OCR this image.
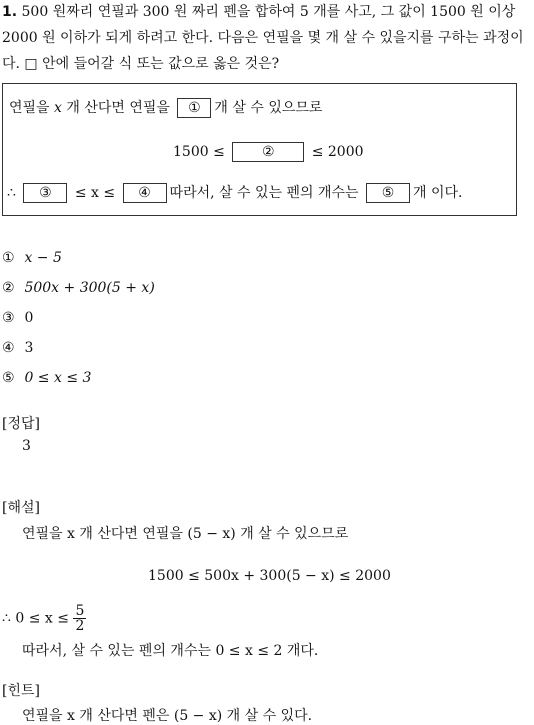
1. 500 원짜리 연필과 300 원 짜리 펜을 합하여 5 개를 사고, 그 값이 1500 원 이상 2000 원 이하가 되게 하려고 한다. 다음은 연필을 몇 개 살 수 있을지를 구하는 과정이다. □ 안에 들어갈 식 또는 값으로 옳은 것은?
연필을 x 개 산다면 연필을 ① 개 살 수 있으므로
1500 ≤	②	≤ 2000
∴ ③ ≤ x ≤ ④ 따라서, 살 수 있는 펜의 개수는 ⑤ 개 이다.
① x − 5
② 500x + 300(5 + x)
③ 0
④ 3
⑤ 0 ≤ x ≤ 3
[정답]
3
[해설]
연필을 x 개 산다면 연필을 (5 − x) 개 살 수 있으므로
1500 ≤ 500x + 300(5 − x) ≤ 2000
∴ $0 \le x \le \frac{5}{2}$
따라서, 살 수 있는 펜의 개수는 0 ≤ x ≤ 2 개다.
[힌트]
연필을 x 개 산다면 펜은 (5 − x) 개 살 수 있다.
